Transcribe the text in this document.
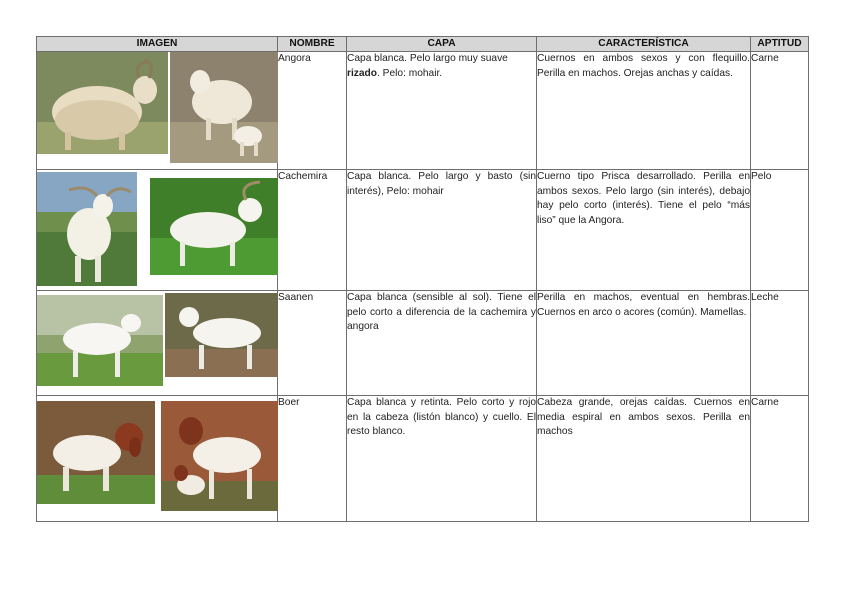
IMAGEN	NOMBRE	CAPA	CARACTERÍSTICA	APTITUD

	Angora	Capa blanca. Pelo largo muy suave rizado. Pelo: mohair.	Cuernos en ambos sexos y con flequillo. Perilla en machos. Orejas anchas y caídas.	Carne

	Cachemira	Capa blanca. Pelo largo y basto (sin interés), Pelo: mohair	Cuerno tipo Prisca desarrollado. Perilla en ambos sexos. Pelo largo (sin interés), debajo hay pelo corto (interés). Tiene el pelo “más liso” que la Angora.	Pelo

	Saanen	Capa blanca (sensible al sol). Tiene el pelo corto a diferencia de la cachemira y angora	Perilla en machos, eventual en hembras. Cuernos en arco o acores (común). Mamellas.	Leche

	Boer	Capa blanca y retinta. Pelo corto y rojo en la cabeza (listón blanco) y cuello. El resto blanco.	Cabeza grande, orejas caídas. Cuernos en media espiral en ambos sexos. Perilla en machos	Carne
